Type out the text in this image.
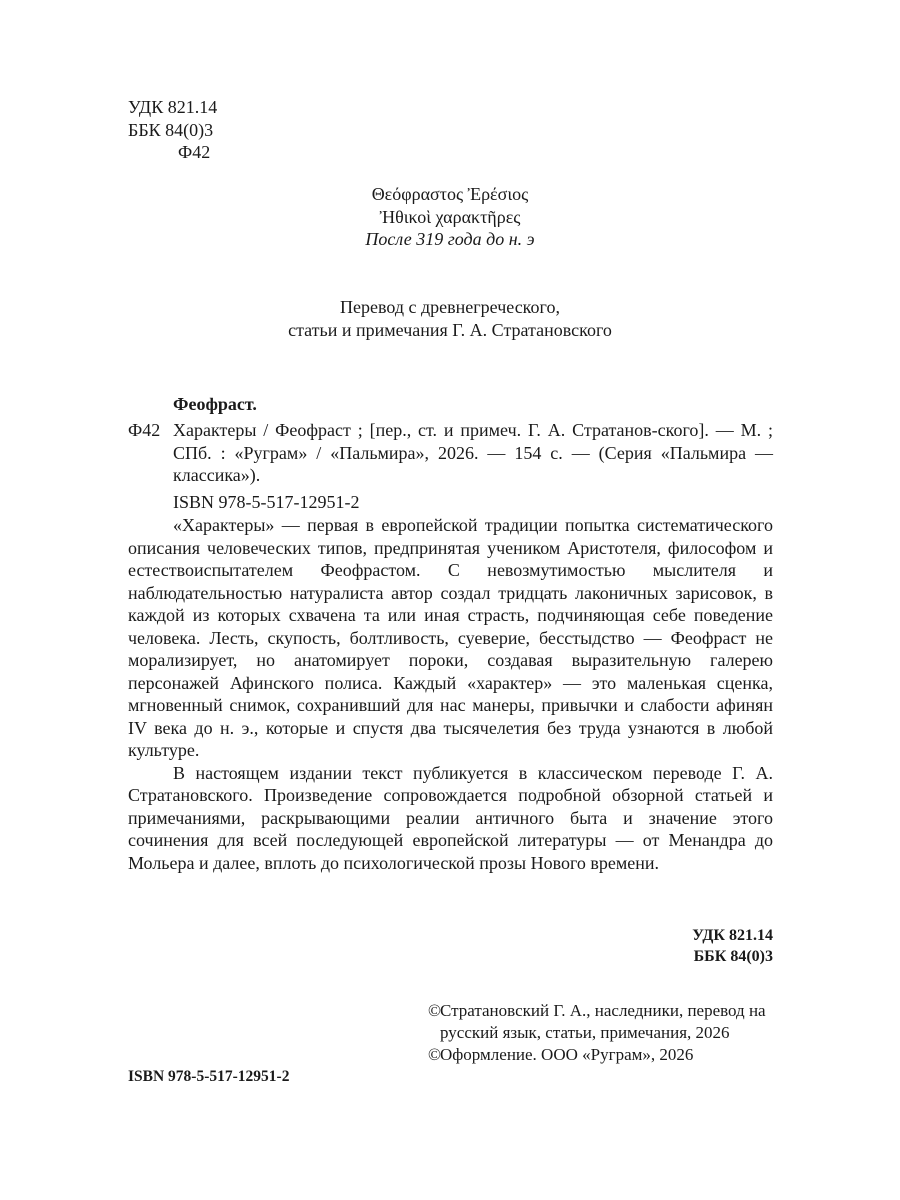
УДК 821.14
ББК 84(0)3
Ф42
Θεόφραστος Ἐρέσιος
Ἠθικοὶ χαρακτῆρες
После 319 года до н. э
Перевод с древнегреческого,
статьи и примечания Г. А. Стратановского
Феофраст.
Ф42 Характеры / Феофраст ; [пер., ст. и примеч. Г. А. Стратанов-ского]. — М. ; СПб. : «Руграм» / «Пальмира», 2026. — 154 с. — (Серия «Пальмира — классика»).
ISBN 978-5-517-12951-2

«Характеры» — первая в европейской традиции попытка систематического описания человеческих типов, предпринятая учеником Аристотеля, философом и естествоиспытателем Феофрастом. С невозмутимостью мыслителя и наблюдательностью натуралиста автор создал тридцать лаконичных зарисовок, в каждой из которых схвачена та или иная страсть, подчиняющая себе поведение человека. Лесть, скупость, болтливость, суеверие, бесстыдство — Феофраст не морализирует, но анатомирует пороки, создавая выразительную галерею персонажей Афинского полиса. Каждый «характер» — это маленькая сценка, мгновенный снимок, сохранивший для нас манеры, привычки и слабости афинян IV века до н. э., которые и спустя два тысячелетия без труда узнаются в любой культуре.

В настоящем издании текст публикуется в классическом переводе Г. А. Стратановского. Произведение сопровождается подробной обзорной статьей и примечаниями, раскрывающими реалии античного быта и значение этого сочинения для всей последующей европейской литературы — от Менандра до Мольера и далее, вплоть до психологической прозы Нового времени.

УДК 821.14
ББК 84(0)3
© Стратановский Г. А., наследники, перевод на русский язык, статьи, примечания, 2026
© Оформление. ООО «Руграм», 2026
ISBN 978-5-517-12951-2
